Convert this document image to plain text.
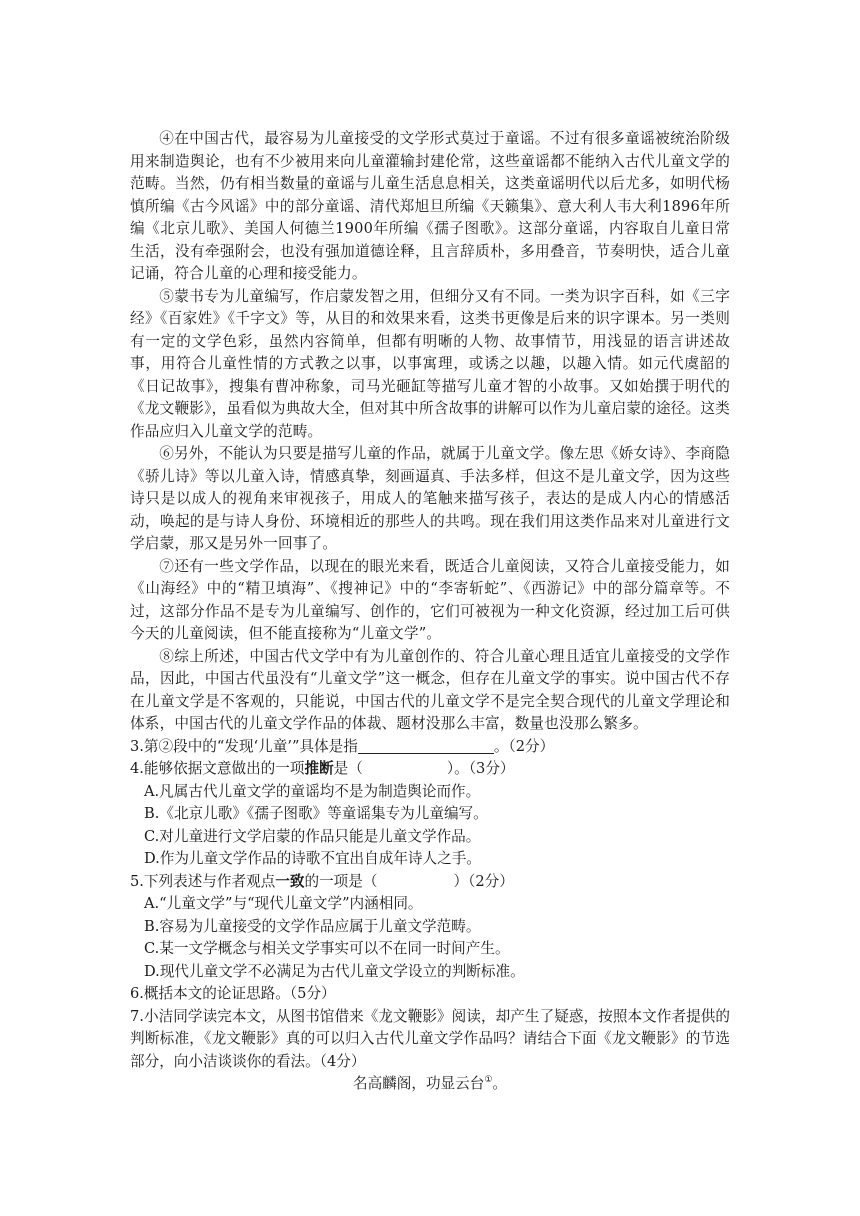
④在中国古代，最容易为儿童接受的文学形式莫过于童谣。不过有很多童谣被统治阶级用来制造舆论，也有不少被用来向儿童灌输封建伦常，这些童谣都不能纳入古代儿童文学的范畴。当然，仍有相当数量的童谣与儿童生活息息相关，这类童谣明代以后尤多，如明代杨慎所编《古今风谣》中的部分童谣、清代郑旭旦所编《天籁集》、意大利人韦大利1896年所编《北京儿歌》、美国人何德兰1900年所编《孺子图歌》。这部分童谣，内容取自儿童日常生活，没有牵强附会，也没有强加道德诠释，且言辞质朴，多用叠音，节奏明快，适合儿童记诵，符合儿童的心理和接受能力。

⑤蒙书专为儿童编写，作启蒙发智之用，但细分又有不同。一类为识字百科，如《三字经》《百家姓》《千字文》等，从目的和效果来看，这类书更像是后来的识字课本。另一类则有一定的文学色彩，虽然内容简单，但都有明晰的人物、故事情节，用浅显的语言讲述故事，用符合儿童性情的方式教之以事，以事寓理，或诱之以趣，以趣入情。如元代虞韶的《日记故事》，搜集有曹冲称象，司马光砸缸等描写儿童才智的小故事。又如始撰于明代的《龙文鞭影》，虽看似为典故大全，但对其中所含故事的讲解可以作为儿童启蒙的途径。这类作品应归入儿童文学的范畴。

⑥另外，不能认为只要是描写儿童的作品，就属于儿童文学。像左思《娇女诗》、李商隐《骄儿诗》等以儿童入诗，情感真挚，刻画逼真、手法多样，但这不是儿童文学，因为这些诗只是以成人的视角来审视孩子，用成人的笔触来描写孩子，表达的是成人内心的情感活动，唤起的是与诗人身份、环境相近的那些人的共鸣。现在我们用这类作品来对儿童进行文学启蒙，那又是另外一回事了。

⑦还有一些文学作品，以现在的眼光来看，既适合儿童阅读，又符合儿童接受能力，如《山海经》中的“精卫填海”、《搜神记》中的“李寄斩蛇”、《西游记》中的部分篇章等。不过，这部分作品不是专为儿童编写、创作的，它们可被视为一种文化资源，经过加工后可供今天的儿童阅读，但不能直接称为“儿童文学”。

⑧综上所述，中国古代文学中有为儿童创作的、符合儿童心理且适宜儿童接受的文学作品，因此，中国古代虽没有“儿童文学”这一概念，但存在儿童文学的事实。说中国古代不存在儿童文学是不客观的，只能说，中国古代的儿童文学不是完全契合现代的儿童文学理论和体系，中国古代的儿童文学作品的体裁、题材没那么丰富，数量也没那么繁多。

3.第②段中的“发现‘儿童’”具体是指	。（2分）

4.能够依据文意做出的一项推断是（	）。（3分）

A.凡属古代儿童文学的童谣均不是为制造舆论而作。

B.《北京儿歌》《孺子图歌》等童谣集专为儿童编写。

C.对儿童进行文学启蒙的作品只能是儿童文学作品。

D.作为儿童文学作品的诗歌不宜出自成年诗人之手。

5.下列表述与作者观点一致的一项是（	）（2分）

A.“儿童文学”与“现代儿童文学”内涵相同。

B.容易为儿童接受的文学作品应属于儿童文学范畴。

C.某一文学概念与相关文学事实可以不在同一时间产生。

D.现代儿童文学不必满足为古代儿童文学设立的判断标准。

6.概括本文的论证思路。（5分）

7.小洁同学读完本文，从图书馆借来《龙文鞭影》阅读，却产生了疑惑，按照本文作者提供的判断标准，《龙文鞭影》真的可以归入古代儿童文学作品吗？请结合下面《龙文鞭影》的节选部分，向小洁谈谈你的看法。（4分）

名高麟阁，功显云台①。
